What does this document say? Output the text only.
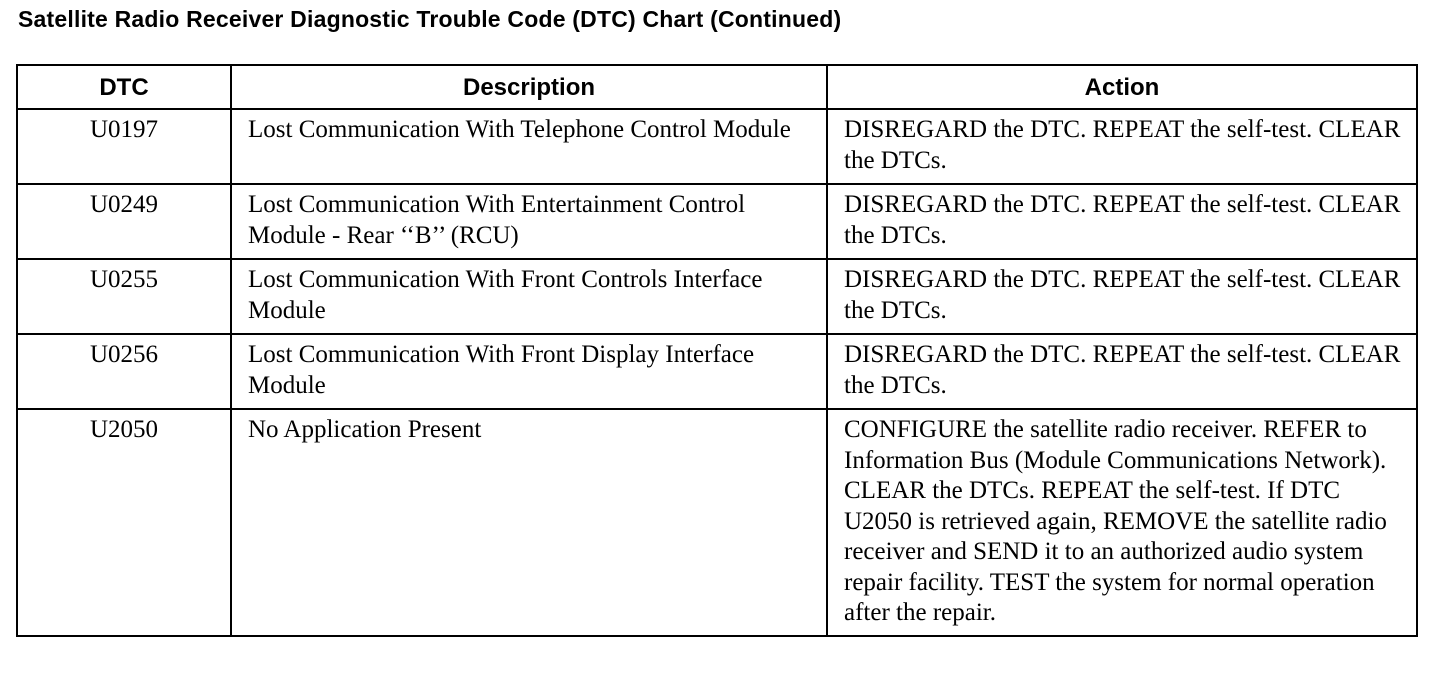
Satellite Radio Receiver Diagnostic Trouble Code (DTC) Chart (Continued)
DTC	Description	Action
U0197	Lost Communication With Telephone Control Module	DISREGARD the DTC. REPEAT the self-test. CLEAR the DTCs.
U0249	Lost Communication With Entertainment Control Module - Rear ‘‘B’’ (RCU)	DISREGARD the DTC. REPEAT the self-test. CLEAR the DTCs.
U0255	Lost Communication With Front Controls Interface Module	DISREGARD the DTC. REPEAT the self-test. CLEAR the DTCs.
U0256	Lost Communication With Front Display Interface Module	DISREGARD the DTC. REPEAT the self-test. CLEAR the DTCs.
U2050	No Application Present	CONFIGURE the satellite radio receiver. REFER to Information Bus (Module Communications Network). CLEAR the DTCs. REPEAT the self-test. If DTC U2050 is retrieved again, REMOVE the satellite radio receiver and SEND it to an authorized audio system repair facility. TEST the system for normal operation after the repair.
